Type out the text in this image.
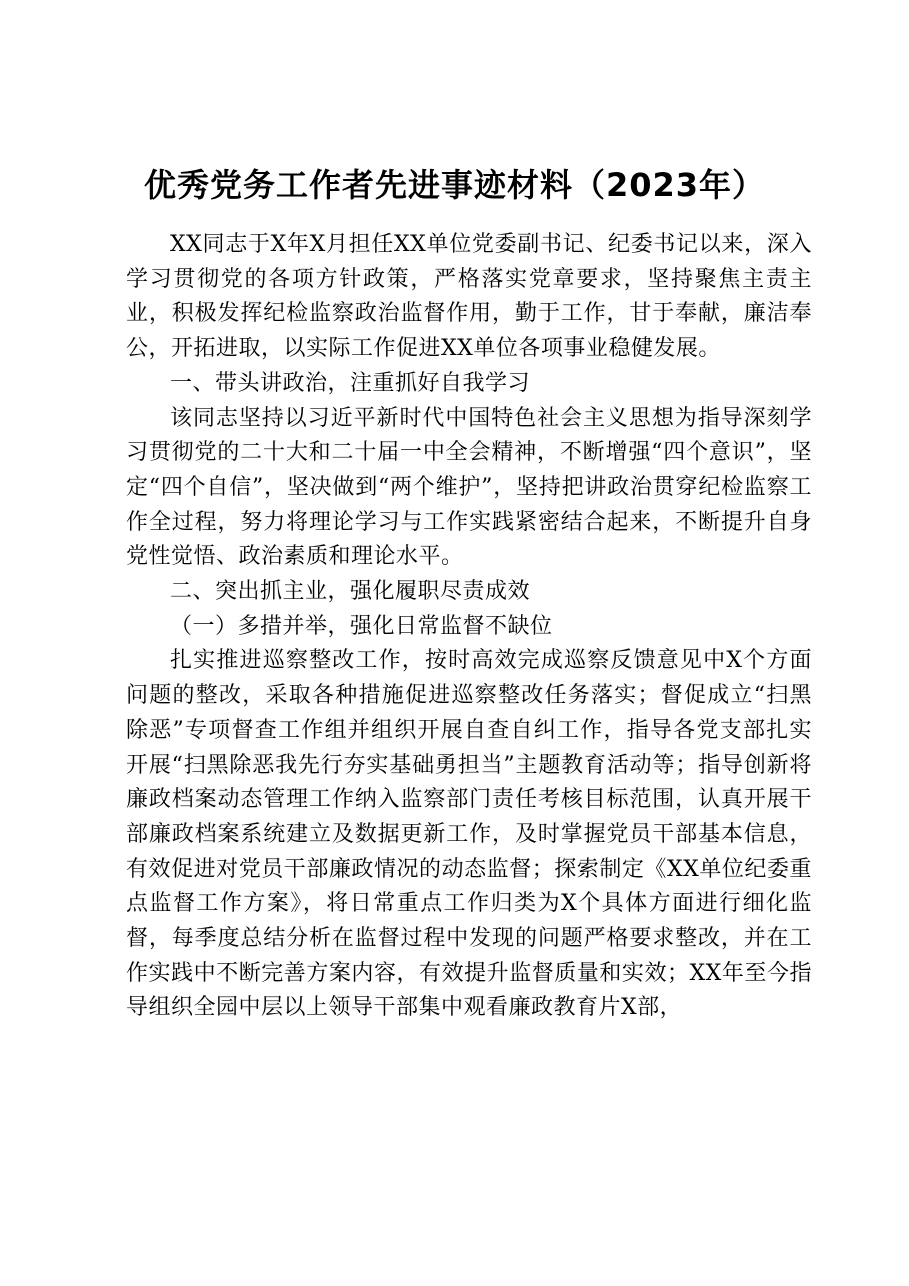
优秀党务工作者先进事迹材料（2023年）

XX同志于X年X月担任XX单位党委副书记、纪委书记以来，深入学习贯彻党的各项方针政策，严格落实党章要求，坚持聚焦主责主业，积极发挥纪检监察政治监督作用，勤于工作，甘于奉献，廉洁奉公，开拓进取，以实际工作促进XX单位各项事业稳健发展。

一、带头讲政治，注重抓好自我学习

该同志坚持以习近平新时代中国特色社会主义思想为指导深刻学习贯彻党的二十大和二十届一中全会精神，不断增强“四个意识”，坚定“四个自信”，坚决做到“两个维护”，坚持把讲政治贯穿纪检监察工作全过程，努力将理论学习与工作实践紧密结合起来，不断提升自身党性觉悟、政治素质和理论水平。

二、突出抓主业，强化履职尽责成效

（一）多措并举，强化日常监督不缺位

扎实推进巡察整改工作，按时高效完成巡察反馈意见中X个方面问题的整改，采取各种措施促进巡察整改任务落实；督促成立“扫黑除恶”专项督查工作组并组织开展自查自纠工作，指导各党支部扎实开展“扫黑除恶我先行夯实基础勇担当”主题教育活动等；指导创新将廉政档案动态管理工作纳入监察部门责任考核目标范围，认真开展干部廉政档案系统建立及数据更新工作，及时掌握党员干部基本信息，有效促进对党员干部廉政情况的动态监督；探索制定《XX单位纪委重点监督工作方案》，将日常重点工作归类为X个具体方面进行细化监督，每季度总结分析在监督过程中发现的问题严格要求整改，并在工作实践中不断完善方案内容，有效提升监督质量和实效；XX年至今指导组织全园中层以上领导干部集中观看廉政教育片X部，
